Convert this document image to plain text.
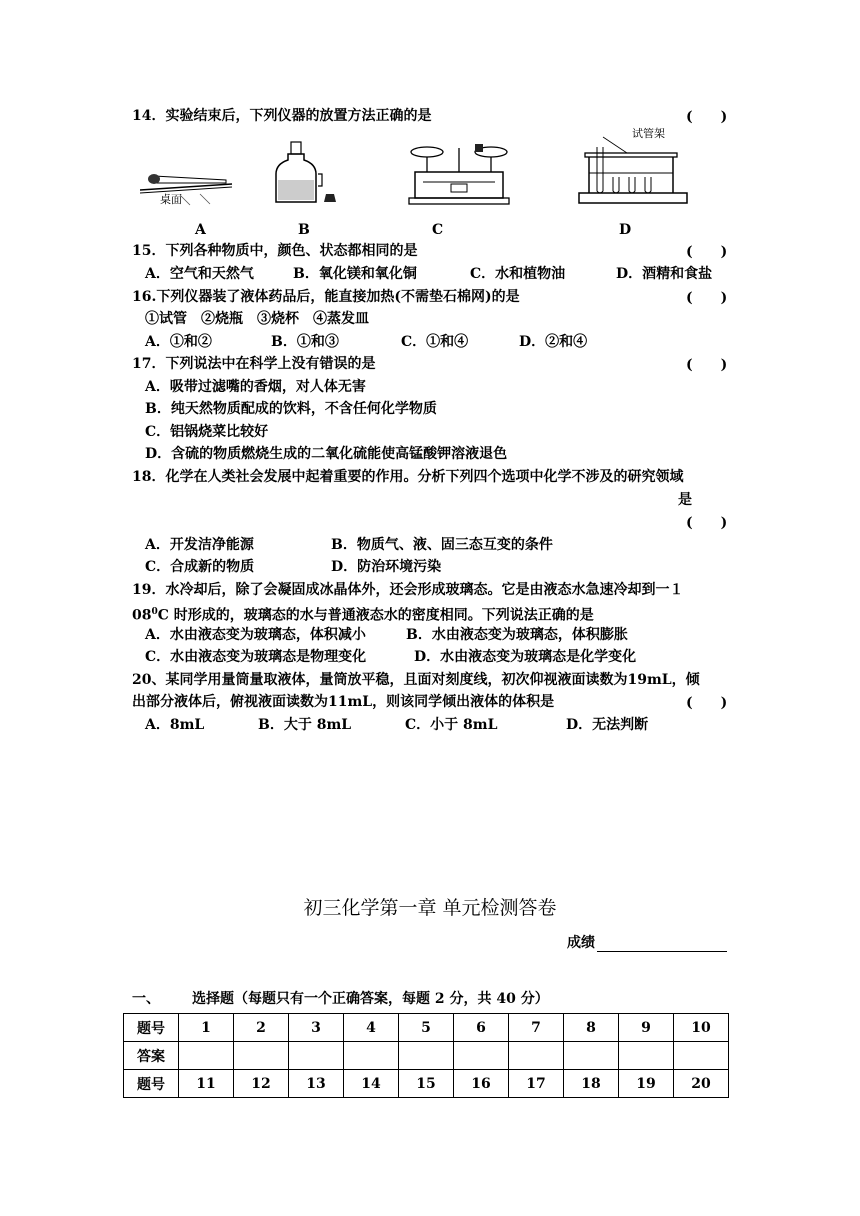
14．实验结束后，下列仪器的放置方法正确的是	(　　)
桌面
试管架
A	B	C	D
15．下列各种物质中，颜色、状态都相同的是	(　　)
A．空气和天然气	B．氧化镁和氧化铜	C．水和植物油	D．酒精和食盐
16.下列仪器装了液体药品后，能直接加热(不需垫石棉网)的是	(　　)
①试管　②烧瓶　③烧杯　④蒸发皿
A．①和②	B．①和③	C．①和④	D．②和④
17．下列说法中在科学上没有错误的是	(　　)
A．吸带过滤嘴的香烟，对人体无害
B．纯天然物质配成的饮料，不含任何化学物质
C．铝锅烧菜比较好
D．含硫的物质燃烧生成的二氧化硫能使高锰酸钾溶液退色
18．化学在人类社会发展中起着重要的作用。分析下列四个选项中化学不涉及的研究领域
是
(　　)
A．开发洁净能源	B．物质气、液、固三态互变的条件
C．合成新的物质	D．防治环境污染
19．水冷却后，除了会凝固成冰晶体外，还会形成玻璃态。它是由液态水急速冷却到一１
$08^0C$ 时形成的，玻璃态的水与普通液态水的密度相同。下列说法正确的是
A．水由液态变为玻璃态，体积减小	B．水由液态变为玻璃态，体积膨胀
C．水由液态变为玻璃态是物理变化	D．水由液态变为玻璃态是化学变化
20、某同学用量筒量取液体，量筒放平稳，且面对刻度线，初次仰视液面读数为19mL，倾
出部分液体后，俯视液面读数为11mL，则该同学倾出液体的体积是	(　　)
A．8mL	B．大于 8mL	C．小于 8mL	D．无法判断
初三化学第一章 单元检测答卷
成绩
一、 选择题（每题只有一个正确答案，每题 2 分，共 40 分）
题号	1	2	3	4	5	6	7	8	9	10
答案										
题号	11	12	13	14	15	16	17	18	19	20
